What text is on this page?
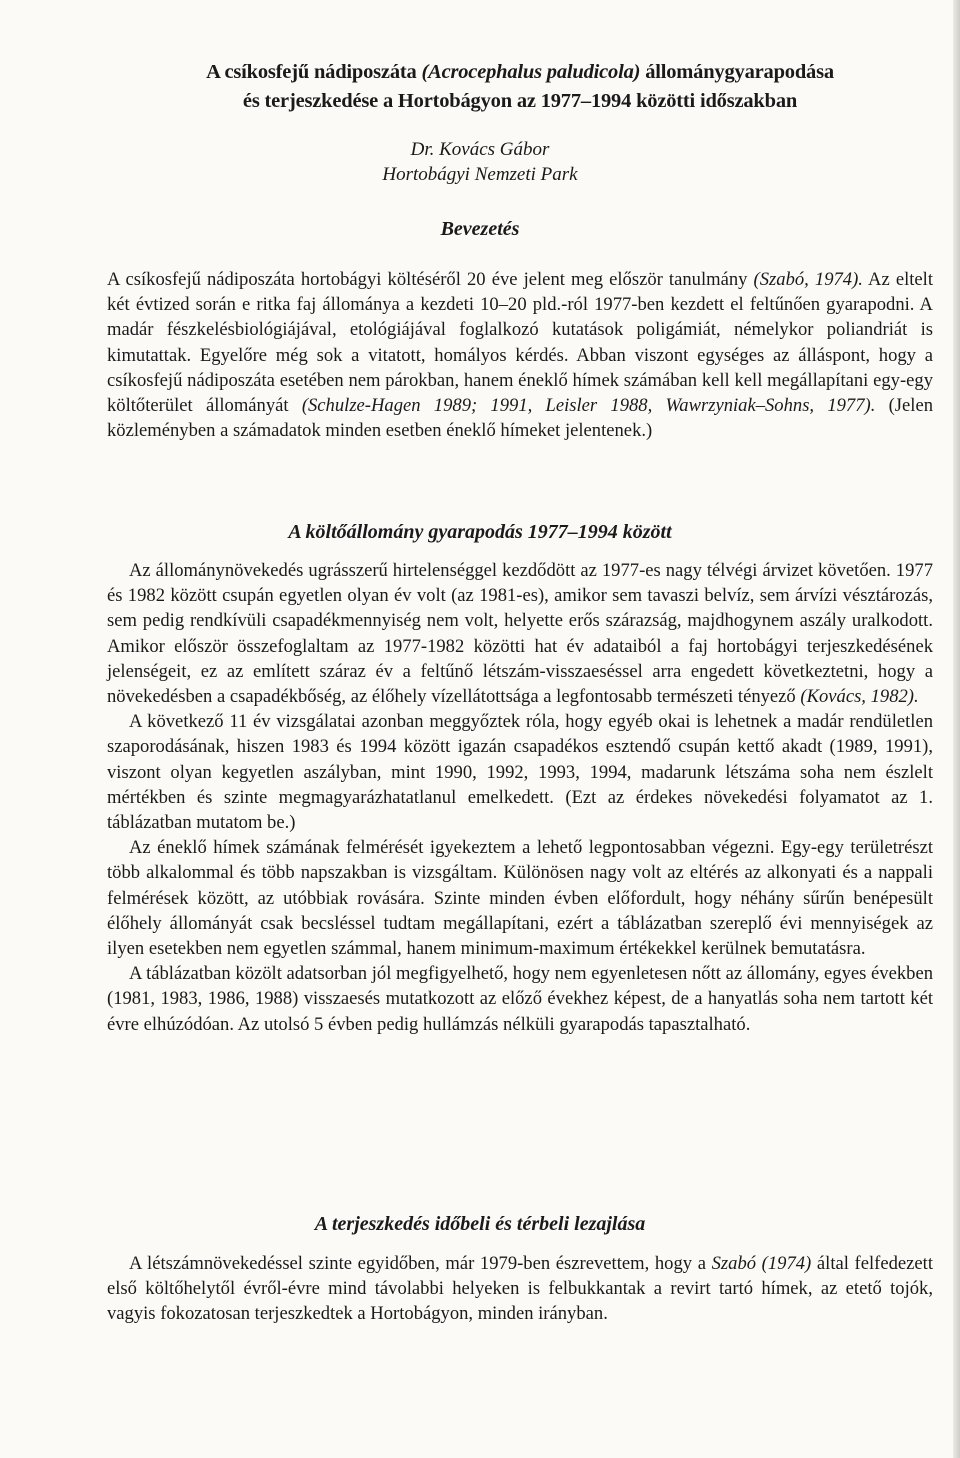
A csíkosfejű nádiposzáta (Acrocephalus paludicola) állománygyarapodása
és terjeszkedése a Hortobágyon az 1977–1994 közötti időszakban
Dr. Kovács Gábor
Hortobágyi Nemzeti Park
Bevezetés

A csíkosfejű nádiposzáta hortobágyi költéséről 20 éve jelent meg először tanulmány (Szabó, 1974). Az eltelt két évtized során e ritka faj állománya a kezdeti 10–20 pld.-ról 1977-ben kezdett el feltűnően gyarapodni. A madár fészkelésbiológiájával, etológiájával foglalkozó kutatások poligámiát, némelykor poliandriát is kimutattak. Egyelőre még sok a vitatott, homályos kérdés. Abban viszont egységes az álláspont, hogy a csíkosfejű nádiposzáta esetében nem párokban, hanem éneklő hímek számában kell kell megállapítani egy-egy költőterület állományát (Schulze-Hagen 1989; 1991, Leisler 1988, Wawrzyniak–Sohns, 1977). (Jelen közleményben a számadatok minden esetben éneklő hímeket jelentenek.)

A költőállomány gyarapodás 1977–1994 között

Az állománynövekedés ugrásszerű hirtelenséggel kezdődött az 1977-es nagy télvégi árvizet követően. 1977 és 1982 között csupán egyetlen olyan év volt (az 1981-es), amikor sem tavaszi belvíz, sem árvízi vésztározás, sem pedig rendkívüli csapadékmennyiség nem volt, helyette erős szárazság, majdhogynem aszály uralkodott. Amikor először összefoglaltam az 1977-1982 közötti hat év adataiból a faj hortobágyi terjeszkedésének jelenségeit, ez az említett száraz év a feltűnő létszám-visszaeséssel arra engedett következtetni, hogy a növekedésben a csapadékbőség, az élőhely vízellátottsága a legfontosabb természeti tényező (Kovács, 1982).

A következő 11 év vizsgálatai azonban meggyőztek róla, hogy egyéb okai is lehetnek a madár rendületlen szaporodásának, hiszen 1983 és 1994 között igazán csapadékos esztendő csupán kettő akadt (1989, 1991), viszont olyan kegyetlen aszályban, mint 1990, 1992, 1993, 1994, madarunk létszáma soha nem észlelt mértékben és szinte megmagyarázhatatlanul emelkedett. (Ezt az érdekes növekedési folyamatot az 1. táblázatban mutatom be.)

Az éneklő hímek számának felmérését igyekeztem a lehető legpontosabban végezni. Egy-egy területrészt több alkalommal és több napszakban is vizsgáltam. Különösen nagy volt az eltérés az alkonyati és a nappali felmérések között, az utóbbiak rovására. Szinte minden évben előfordult, hogy néhány sűrűn benépesült élőhely állományát csak becsléssel tudtam megállapítani, ezért a táblázatban szereplő évi mennyiségek az ilyen esetekben nem egyetlen számmal, hanem minimum-maximum értékekkel kerülnek bemutatásra.

A táblázatban közölt adatsorban jól megfigyelhető, hogy nem egyenletesen nőtt az állomány, egyes években (1981, 1983, 1986, 1988) visszaesés mutatkozott az előző évekhez képest, de a hanyatlás soha nem tartott két évre elhúzódóan. Az utolsó 5 évben pedig hullámzás nélküli gyarapodás tapasztalható.

A terjeszkedés időbeli és térbeli lezajlása

A létszámnövekedéssel szinte egyidőben, már 1979-ben észrevettem, hogy a Szabó (1974) által felfedezett első költőhelytől évről-évre mind távolabbi helyeken is felbukkantak a revirt tartó hímek, az etető tojók, vagyis fokozatosan terjeszkedtek a Hortobágyon, minden irányban.
